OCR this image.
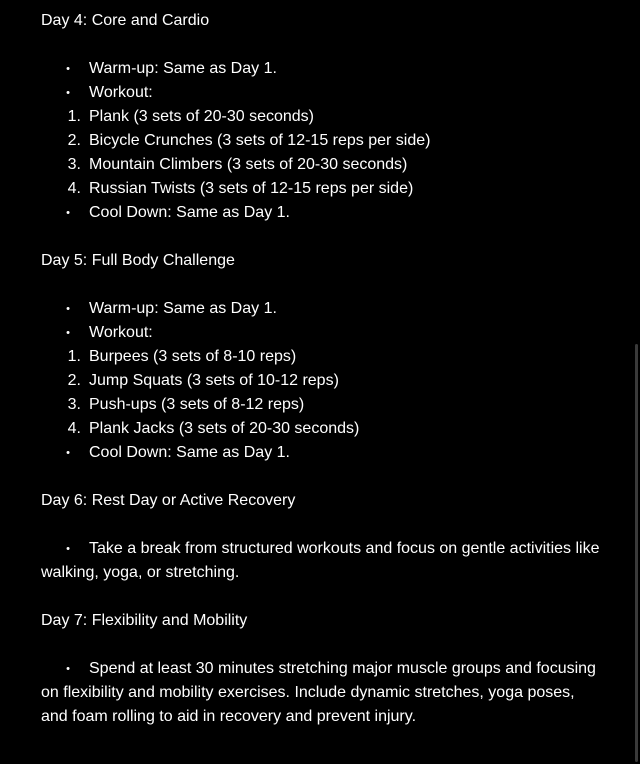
Day 4: Core and Cardio

• Warm-up: Same as Day 1.
• Workout:
1. Plank (3 sets of 20-30 seconds)
2. Bicycle Crunches (3 sets of 12-15 reps per side)
3. Mountain Climbers (3 sets of 20-30 seconds)
4. Russian Twists (3 sets of 12-15 reps per side)
• Cool Down: Same as Day 1.

Day 5: Full Body Challenge

• Warm-up: Same as Day 1.
• Workout:
1. Burpees (3 sets of 8-10 reps)
2. Jump Squats (3 sets of 10-12 reps)
3. Push-ups (3 sets of 8-12 reps)
4. Plank Jacks (3 sets of 20-30 seconds)
• Cool Down: Same as Day 1.

Day 6: Rest Day or Active Recovery

• Take a break from structured workouts and focus on gentle activities like walking, yoga, or stretching.

Day 7: Flexibility and Mobility

• Spend at least 30 minutes stretching major muscle groups and focusing on flexibility and mobility exercises. Include dynamic stretches, yoga poses, and foam rolling to aid in recovery and prevent injury.
